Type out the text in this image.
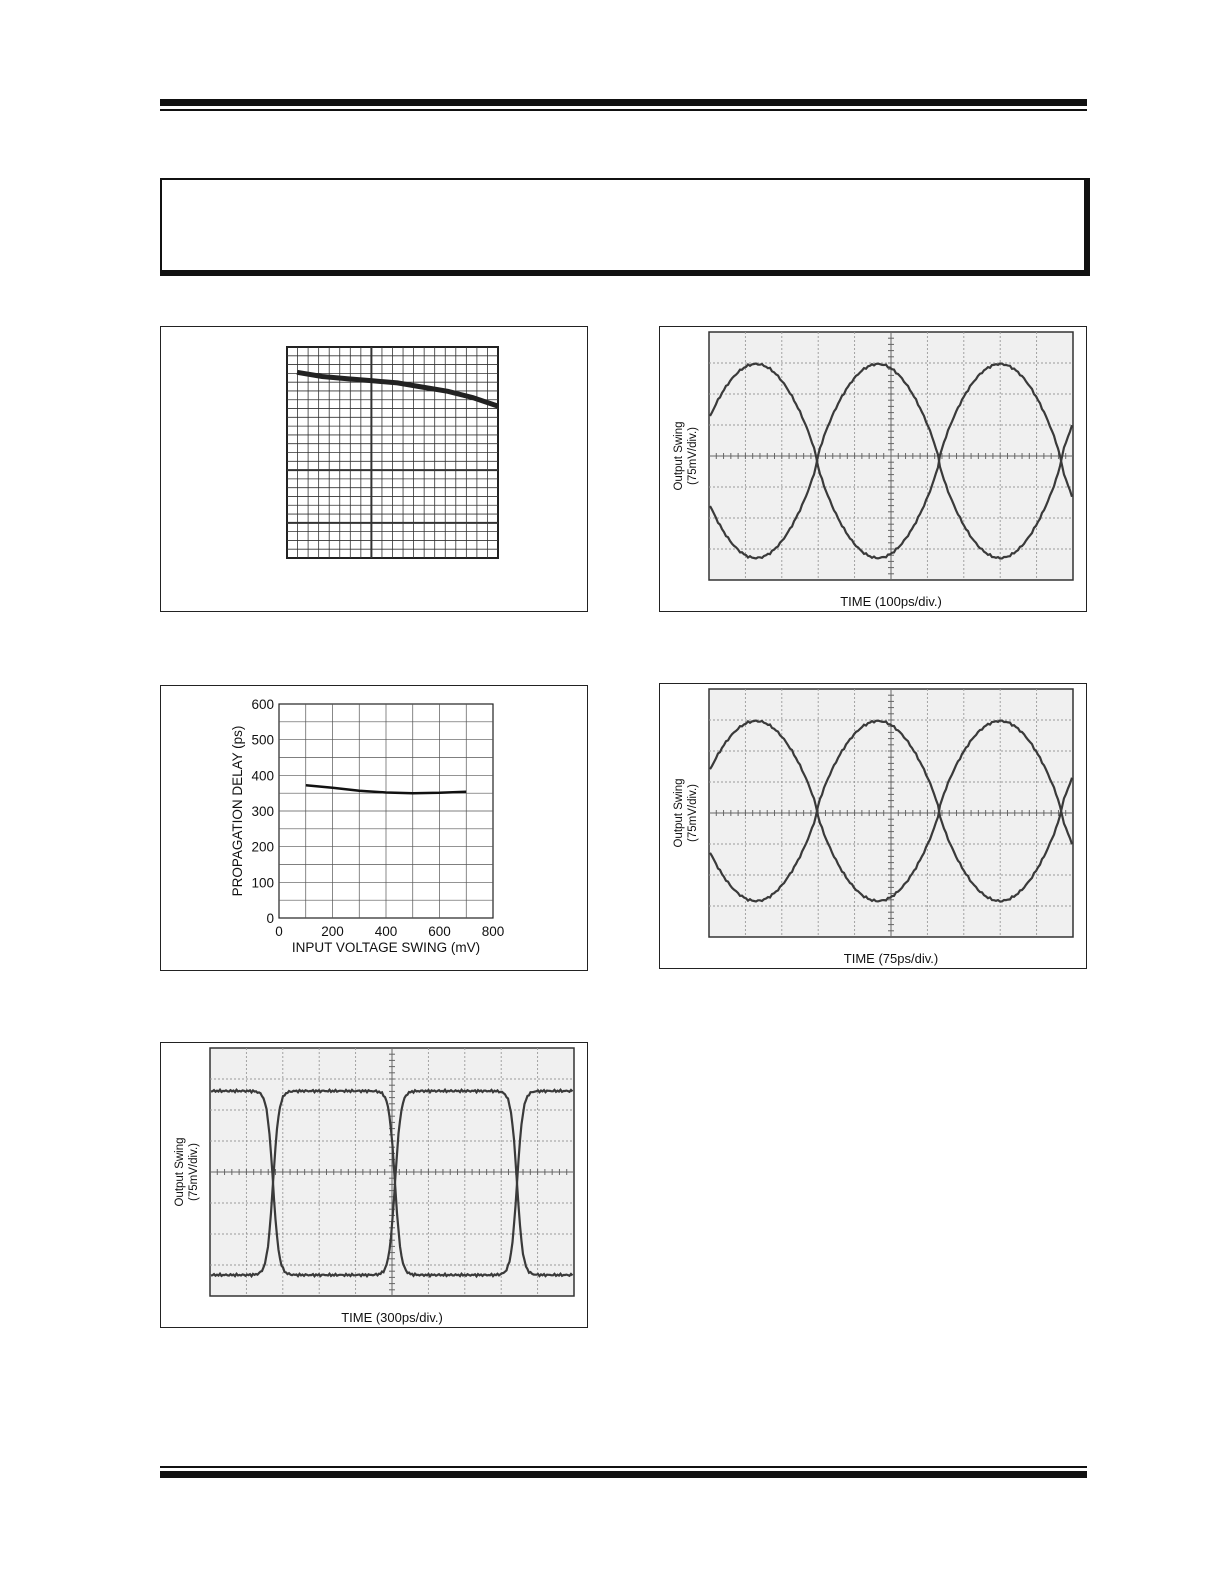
TIME (100ps/div.)
Output Swing (75mV/div.)
0	200 400 600 800
0
100
200
300
400
500
600
INPUT VOLTAGE SWING (mV)
PROPAGATION DELAY (ps)
TIME (75ps/div.)
Output Swing (75mV/div.)
TIME (300ps/div.)
Output Swing (75mV/div.)
